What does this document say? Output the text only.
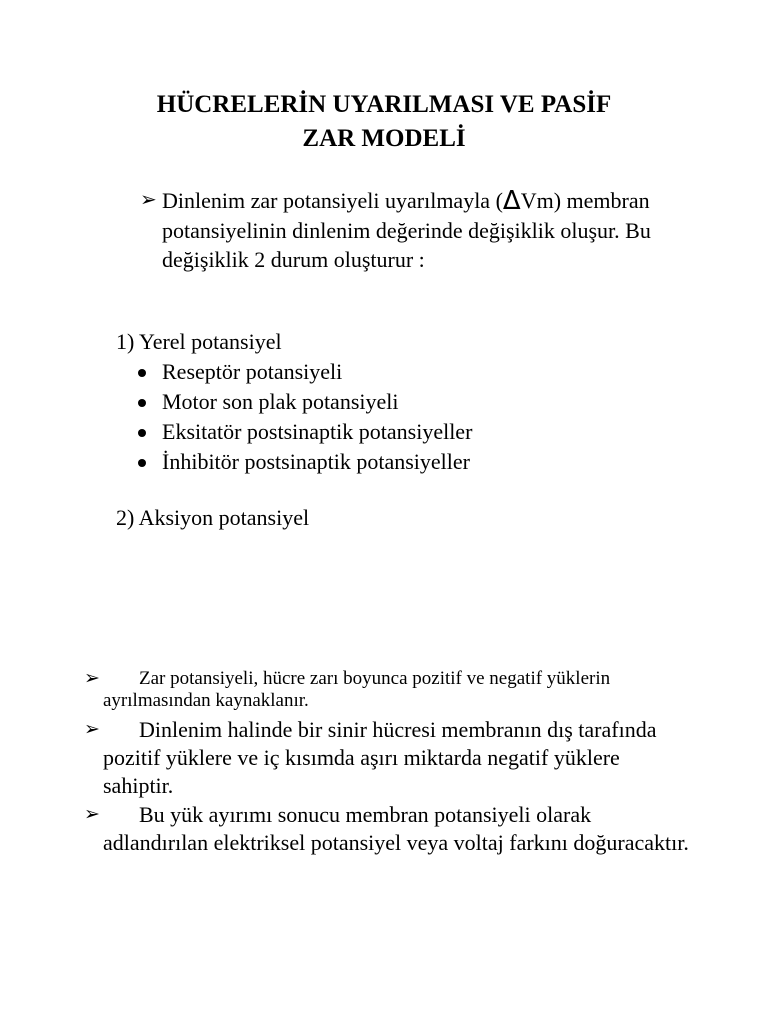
HÜCRELERİN UYARILMASI VE PASİF
ZAR MODELİ
➢ Dinlenim zar potansiyeli uyarılmayla (ΔVm) membran potansiyelinin dinlenim değerinde değişiklik oluşur. Bu değişiklik 2 durum oluşturur :
1) Yerel potansiyel
Reseptör potansiyeli
Motor son plak potansiyeli
Eksitatör postsinaptik potansiyeller
İnhibitör postsinaptik potansiyeller
2) Aksiyon potansiyel
➢	Zar potansiyeli, hücre zarı boyunca pozitif ve negatif yüklerin ayrılmasından kaynaklanır.
➢	Dinlenim halinde bir sinir hücresi membranın dış tarafında pozitif yüklere ve iç kısımda aşırı miktarda negatif yüklere sahiptir.
➢	Bu yük ayırımı sonucu membran potansiyeli olarak adlandırılan elektriksel potansiyel veya voltaj farkını doğuracaktır.
